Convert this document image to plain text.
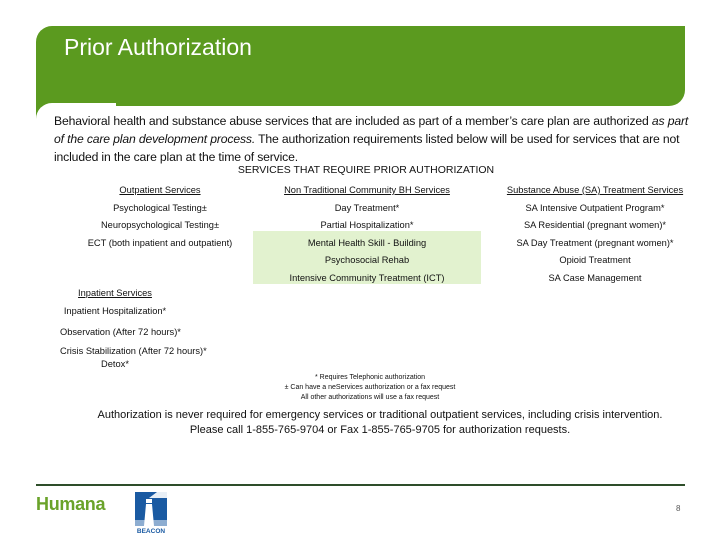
Prior Authorization
Behavioral health and substance abuse services that are included as part of a member’s care plan are authorized as part of the care plan development process. The authorization requirements listed below will be used for services that are not included in the care plan at the time of service.
SERVICES THAT REQUIRE PRIOR AUTHORIZATION
Outpatient Services
Psychological Testing±
Neuropsychological Testing±
ECT (both inpatient and outpatient)
Non Traditional Community BH Services
Day Treatment*
Partial Hospitalization*
Mental Health Skill - Building
Psychosocial Rehab
Intensive Community Treatment (ICT)
Substance Abuse (SA) Treatment Services
SA Intensive Outpatient Program*
SA Residential (pregnant women)*
SA Day Treatment (pregnant women)*
Opioid Treatment
SA Case Management
Inpatient Services
Inpatient Hospitalization*
Observation (After 72 hours)*
Crisis Stabilization (After 72 hours)*
Detox*
* Requires Telephonic authorization
± Can have a neServices authorization or a fax request
All other authorizations will use a fax request
Authorization is never required for emergency services or traditional outpatient services, including crisis intervention.
Please call 1-855-765-9704 or Fax 1-855-765-9705 for authorization requests.
Humana
BEACON
8
